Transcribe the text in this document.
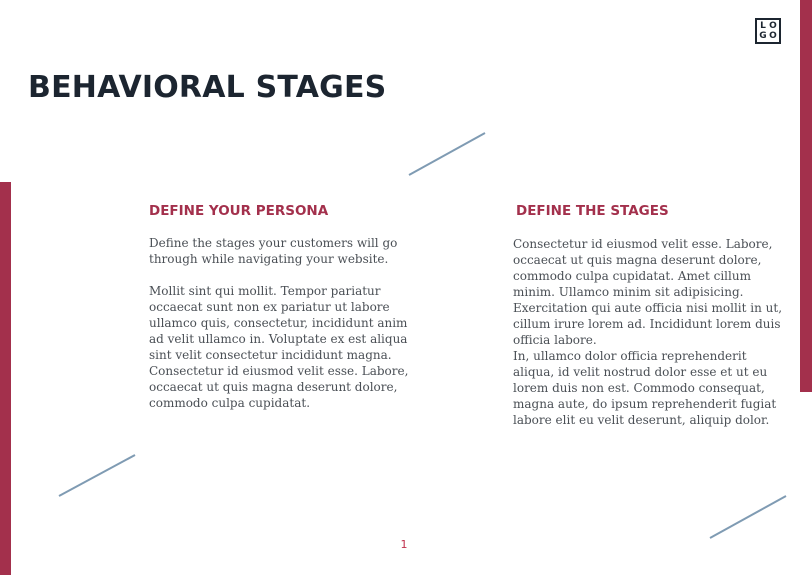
L O
G O
BEHAVIORAL STAGES
DEFINE YOUR PERSONA

Define the stages your customers will go through while navigating your website.

Mollit sint qui mollit. Tempor pariatur occaecat sunt non ex pariatur ut labore ullamco quis, consectetur, incididunt anim ad velit ullamco in. Voluptate ex est aliqua sint velit consectetur incididunt magna.
Consectetur id eiusmod velit esse. Labore, occaecat ut quis magna deserunt dolore, commodo culpa cupidatat.

DEFINE THE STAGES

Consectetur id eiusmod velit esse. Labore, occaecat ut quis magna deserunt dolore, commodo culpa cupidatat. Amet cillum minim. Ullamco minim sit adipisicing. Exercitation qui aute officia nisi mollit in ut, cillum irure lorem ad. Incididunt lorem duis officia labore.

In, ullamco dolor officia reprehenderit aliqua, id velit nostrud dolor esse et ut eu lorem duis non est. Commodo consequat, magna aute, do ipsum reprehenderit fugiat labore elit eu velit deserunt, aliquip dolor.

1
